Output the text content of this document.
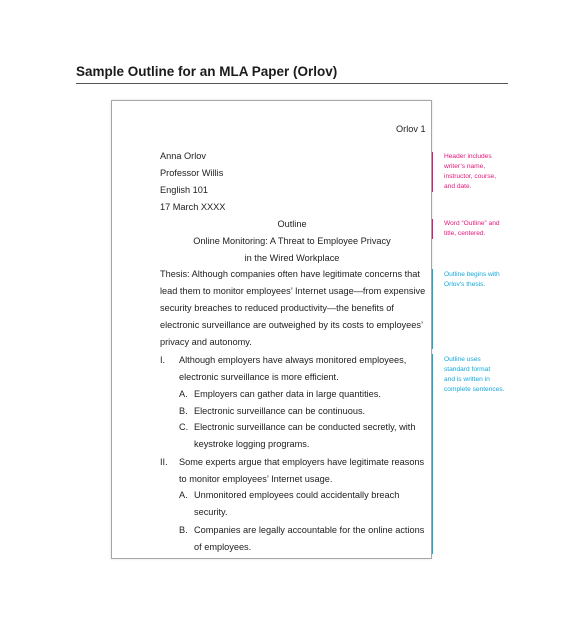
Sample Outline for an MLA Paper (Orlov)
Orlov 1
Anna Orlov
Professor Willis
English 101
17 March XXXX
Outline
Online Monitoring: A Threat to Employee Privacy
in the Wired Workplace
Thesis: Although companies often have legitimate concerns that
lead them to monitor employees’ Internet usage—from expensive
security breaches to reduced productivity—the benefits of
electronic surveillance are outweighed by its costs to employees’
privacy and autonomy.
I. Although employers have always monitored employees,
electronic surveillance is more efficient.
A. Employers can gather data in large quantities.
B. Electronic surveillance can be continuous.
C. Electronic surveillance can be conducted secretly, with
keystroke logging programs.
II. Some experts argue that employers have legitimate reasons
to monitor employees’ Internet usage.
A. Unmonitored employees could accidentally breach
security.
B. Companies are legally accountable for the online actions
of employees.
Header includes
writer’s name,
instructor, course,
and date.
Word “Outline” and
title, centered.
Outline begins with
Orlov’s thesis.
Outline uses
standard format
and is written in
complete sentences.
